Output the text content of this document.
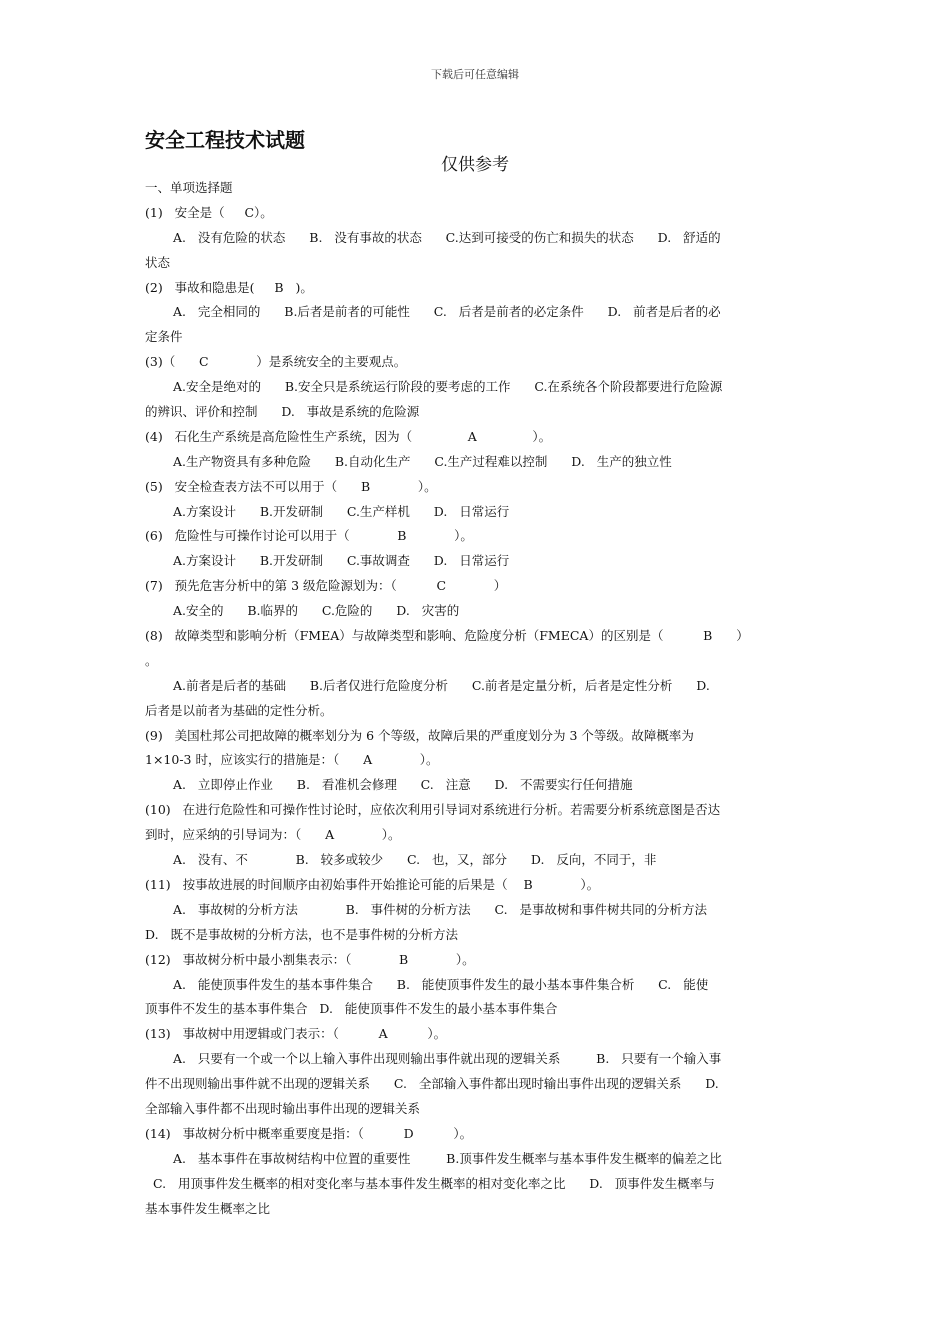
下载后可任意编辑
安全工程技术试题
仅供参考
一、单项选择题
(1)   安全是（     C）。
A.   没有危险的状态      B.   没有事故的状态      C.达到可接受的伤亡和损失的状态      D.   舒适的
状态
(2)   事故和隐患是(     B   )。
A.   完全相同的      B.后者是前者的可能性      C.   后者是前者的必定条件      D.   前者是后者的必
定条件
(3)（      C            ）是系统安全的主要观点。
A.安全是绝对的      B.安全只是系统运行阶段的要考虑的工作      C.在系统各个阶段都要进行危险源
的辨识、评价和控制      D.   事故是系统的危险源
(4)   石化生产系统是高危险性生产系统，因为（              A              ）。
A.生产物资具有多种危险      B.自动化生产      C.生产过程难以控制      D.   生产的独立性
(5)   安全检查表方法不可以用于（      B            ）。
A.方案设计      B.开发研制      C.生产样机      D.   日常运行
(6)   危险性与可操作讨论可以用于（            B            ）。
A.方案设计      B.开发研制      C.事故调查      D.   日常运行
(7)   预先危害分析中的第 3 级危险源划为：（          C            ）
A.安全的      B.临界的      C.危险的      D.   灾害的
(8)   故障类型和影响分析（FMEA）与故障类型和影响、危险度分析（FMECA）的区别是（          B      ）
。
A.前者是后者的基础      B.后者仅进行危险度分析      C.前者是定量分析，后者是定性分析      D.
后者是以前者为基础的定性分析。
(9)   美国杜邦公司把故障的概率划分为 6 个等级，故障后果的严重度划分为 3 个等级。故障概率为
1×10-3 时，应该实行的措施是：（      A            ）。
A.   立即停止作业      B.   看准机会修理      C.   注意      D.   不需要实行任何措施
(10)   在进行危险性和可操作性讨论时，应依次利用引导词对系统进行分析。若需要分析系统意图是否达
到时，应采纳的引导词为：（      A            ）。
A.   没有、不            B.   较多或较少      C.   也，又，部分      D.   反向，不同于，非
(11)   按事故进展的时间顺序由初始事件开始推论可能的后果是（    B            ）。
A.   事故树的分析方法            B.   事件树的分析方法      C.   是事故树和事件树共同的分析方法
D.   既不是事故树的分析方法，也不是事件树的分析方法
(12)   事故树分析中最小割集表示：（            B            ）。
A.   能使顶事件发生的基本事件集合      B.   能使顶事件发生的最小基本事件集合析      C.   能使
顶事件不发生的基本事件集合   D.   能使顶事件不发生的最小基本事件集合
(13)   事故树中用逻辑或门表示：（          A          ）。
A.   只要有一个或一个以上输入事件出现则输出事件就出现的逻辑关系         B.   只要有一个输入事
件不出现则输出事件就不出现的逻辑关系      C.   全部输入事件都出现时输出事件出现的逻辑关系      D.
全部输入事件都不出现时输出事件出现的逻辑关系
(14)   事故树分析中概率重要度是指：（          D          ）。
A.   基本事件在事故树结构中位置的重要性         B.顶事件发生概率与基本事件发生概率的偏差之比
C.   用顶事件发生概率的相对变化率与基本事件发生概率的相对变化率之比      D.   顶事件发生概率与
基本事件发生概率之比
